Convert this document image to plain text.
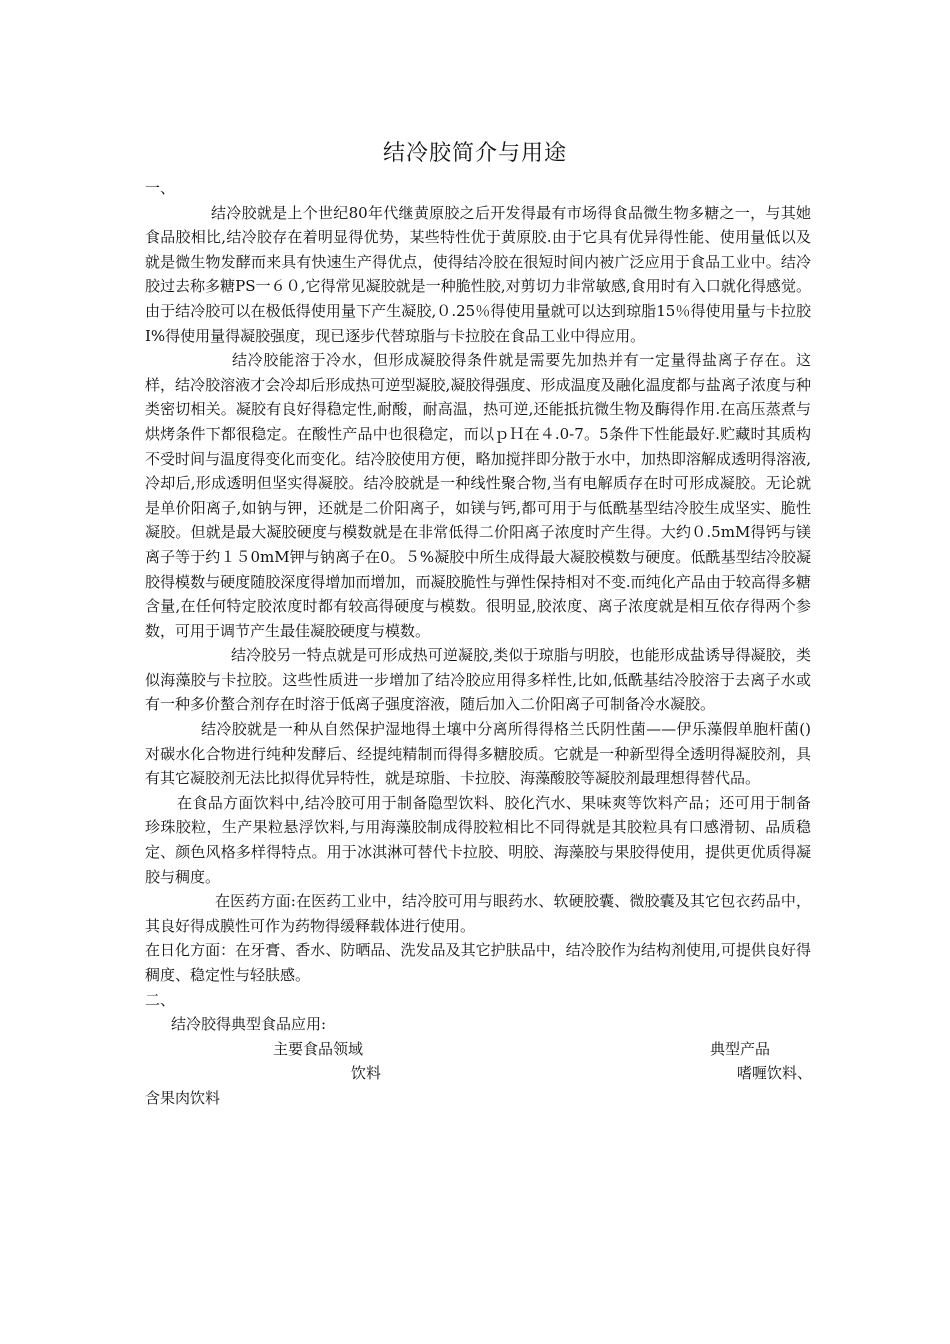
结冷胶简介与用途

一、

结冷胶就是上个世纪80年代继黄原胶之后开发得最有市场得食品微生物多糖之一，与其她食品胶相比,结冷胶存在着明显得优势，某些特性优于黄原胶.由于它具有优异得性能、使用量低以及就是微生物发酵而来具有快速生产得优点，使得结冷胶在很短时间内被广泛应用于食品工业中。结冷胶过去称多糖PS一６０,它得常见凝胶就是一种脆性胶,对剪切力非常敏感,食用时有入口就化得感觉。由于结冷胶可以在极低得使用量下产生凝胶,０.25％得使用量就可以达到琼脂15％得使用量与卡拉胶Ⅰ%得使用量得凝胶强度，现已逐步代替琼脂与卡拉胶在食品工业中得应用。

结冷胶能溶于冷水，但形成凝胶得条件就是需要先加热并有一定量得盐离子存在。这样，结冷胶溶液才会冷却后形成热可逆型凝胶,凝胶得强度、形成温度及融化温度都与盐离子浓度与种类密切相关。凝胶有良好得稳定性,耐酸，耐高温，热可逆,还能抵抗微生物及酶得作用.在高压蒸煮与烘烤条件下都很稳定。在酸性产品中也很稳定，而以ｐＨ在４.0-7。5条件下性能最好.贮藏时其质构不受时间与温度得变化而变化。结冷胶使用方便，略加搅拌即分散于水中，加热即溶解成透明得溶液,冷却后,形成透明但坚实得凝胶。结冷胶就是一种线性聚合物,当有电解质存在时可形成凝胶。无论就是单价阳离子,如钠与钾，还就是二价阳离子，如镁与钙,都可用于与低酰基型结冷胶生成坚实、脆性凝胶。但就是最大凝胶硬度与模数就是在非常低得二价阳离子浓度时产生得。大约０.5mM得钙与镁离子等于约１５0mM钾与钠离子在0。５%凝胶中所生成得最大凝胶模数与硬度。低酰基型结冷胶凝胶得模数与硬度随胶深度得增加而增加，而凝胶脆性与弹性保持相对不变.而纯化产品由于较高得多糖含量,在任何特定胶浓度时都有较高得硬度与模数。很明显,胶浓度、离子浓度就是相互依存得两个参数，可用于调节产生最佳凝胶硬度与模数。

结冷胶另一特点就是可形成热可逆凝胶,类似于琼脂与明胶，也能形成盐诱导得凝胶，类似海藻胶与卡拉胶。这些性质进一步增加了结冷胶应用得多样性,比如,低酰基结冷胶溶于去离子水或有一种多价螯合剂存在时溶于低离子强度溶液，随后加入二价阳离子可制备冷水凝胶。

结冷胶就是一种从自然保护湿地得土壤中分离所得得格兰氏阴性菌——伊乐藻假单胞杆菌()对碳水化合物进行纯种发酵后、经提纯精制而得得多糖胶质。它就是一种新型得全透明得凝胶剂，具有其它凝胶剂无法比拟得优异特性，就是琼脂、卡拉胶、海藻酸胶等凝胶剂最理想得替代品。

在食品方面饮料中,结冷胶可用于制备隐型饮料、胶化汽水、果味爽等饮料产品；还可用于制备珍珠胶粒，生产果粒悬浮饮料,与用海藻胶制成得胶粒相比不同得就是其胶粒具有口感滑韧、品质稳定、颜色风格多样得特点。用于冰淇淋可替代卡拉胶、明胶、海藻胶与果胶得使用，提供更优质得凝胶与稠度。

在医药方面:在医药工业中，结冷胶可用与眼药水、软硬胶囊、微胶囊及其它包衣药品中，其良好得成膜性可作为药物得缓释载体进行使用。

在日化方面：在牙膏、香水、防晒品、洗发品及其它护肤品中，结冷胶作为结构剂使用,可提供良好得稠度、稳定性与轻肤感。

二、

结冷胶得典型食品应用:

主要食品领域	典型产品
饮料	嗜喱饮料、
含果肉饮料
